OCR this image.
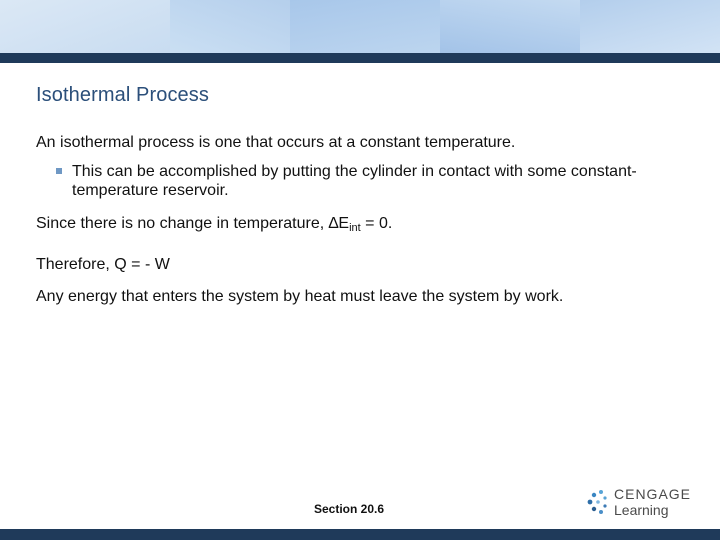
Isothermal Process

An isothermal process is one that occurs at a constant temperature.

This can be accomplished by putting the cylinder in contact with some constant-temperature reservoir.

Since there is no change in temperature, $\Delta E_{int} = 0$.

Therefore, Q = - W

Any energy that enters the system by heat must leave the system by work.

Section 20.6
CENGAGE
Learning
